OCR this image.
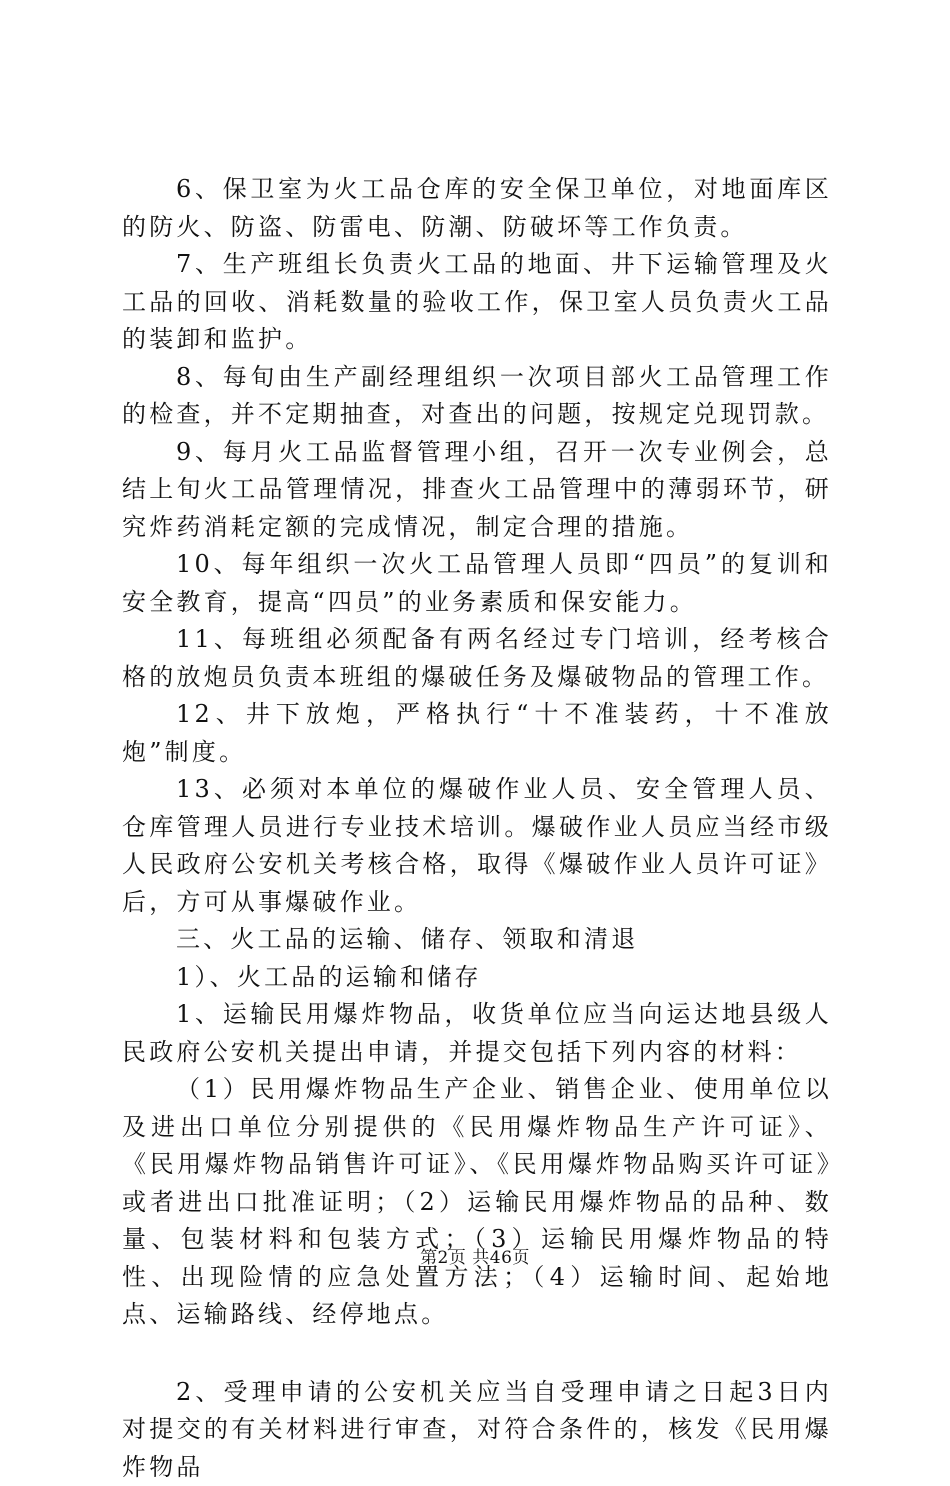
6、保卫室为火工品仓库的安全保卫单位，对地面库区的防火、防盗、防雷电、防潮、防破坏等工作负责。

7、生产班组长负责火工品的地面、井下运输管理及火工品的回收、消耗数量的验收工作，保卫室人员负责火工品的装卸和监护。

8、每旬由生产副经理组织一次项目部火工品管理工作的检查，并不定期抽查，对查出的问题，按规定兑现罚款。

9、每月火工品监督管理小组，召开一次专业例会，总结上旬火工品管理情况，排查火工品管理中的薄弱环节，研究炸药消耗定额的完成情况，制定合理的措施。

10、每年组织一次火工品管理人员即“四员”的复训和安全教育，提高“四员”的业务素质和保安能力。

11、每班组必须配备有两名经过专门培训，经考核合格的放炮员负责本班组的爆破任务及爆破物品的管理工作。

12、井下放炮，严格执行“十不准装药，十不准放炮”制度。

13、必须对本单位的爆破作业人员、安全管理人员、仓库管理人员进行专业技术培训。爆破作业人员应当经市级人民政府公安机关考核合格，取得《爆破作业人员许可证》后，方可从事爆破作业。

三、火工品的运输、储存、领取和清退

1）、火工品的运输和储存

1、运输民用爆炸物品，收货单位应当向运达地县级人民政府公安机关提出申请，并提交包括下列内容的材料：

（1）民用爆炸物品生产企业、销售企业、使用单位以及进出口单位分别提供的《民用爆炸物品生产许可证》、《民用爆炸物品销售许可证》、《民用爆炸物品购买许可证》或者进出口批准证明；（2）运输民用爆炸物品的品种、数量、包装材料和包装方式；（3）运输民用爆炸物品的特性、出现险情的应急处置方法；（4）运输时间、起始地点、运输路线、经停地点。

2、受理申请的公安机关应当自受理申请之日起3日内对提交的有关材料进行审查，对符合条件的，核发《民用爆炸物品

第2页 共46页
